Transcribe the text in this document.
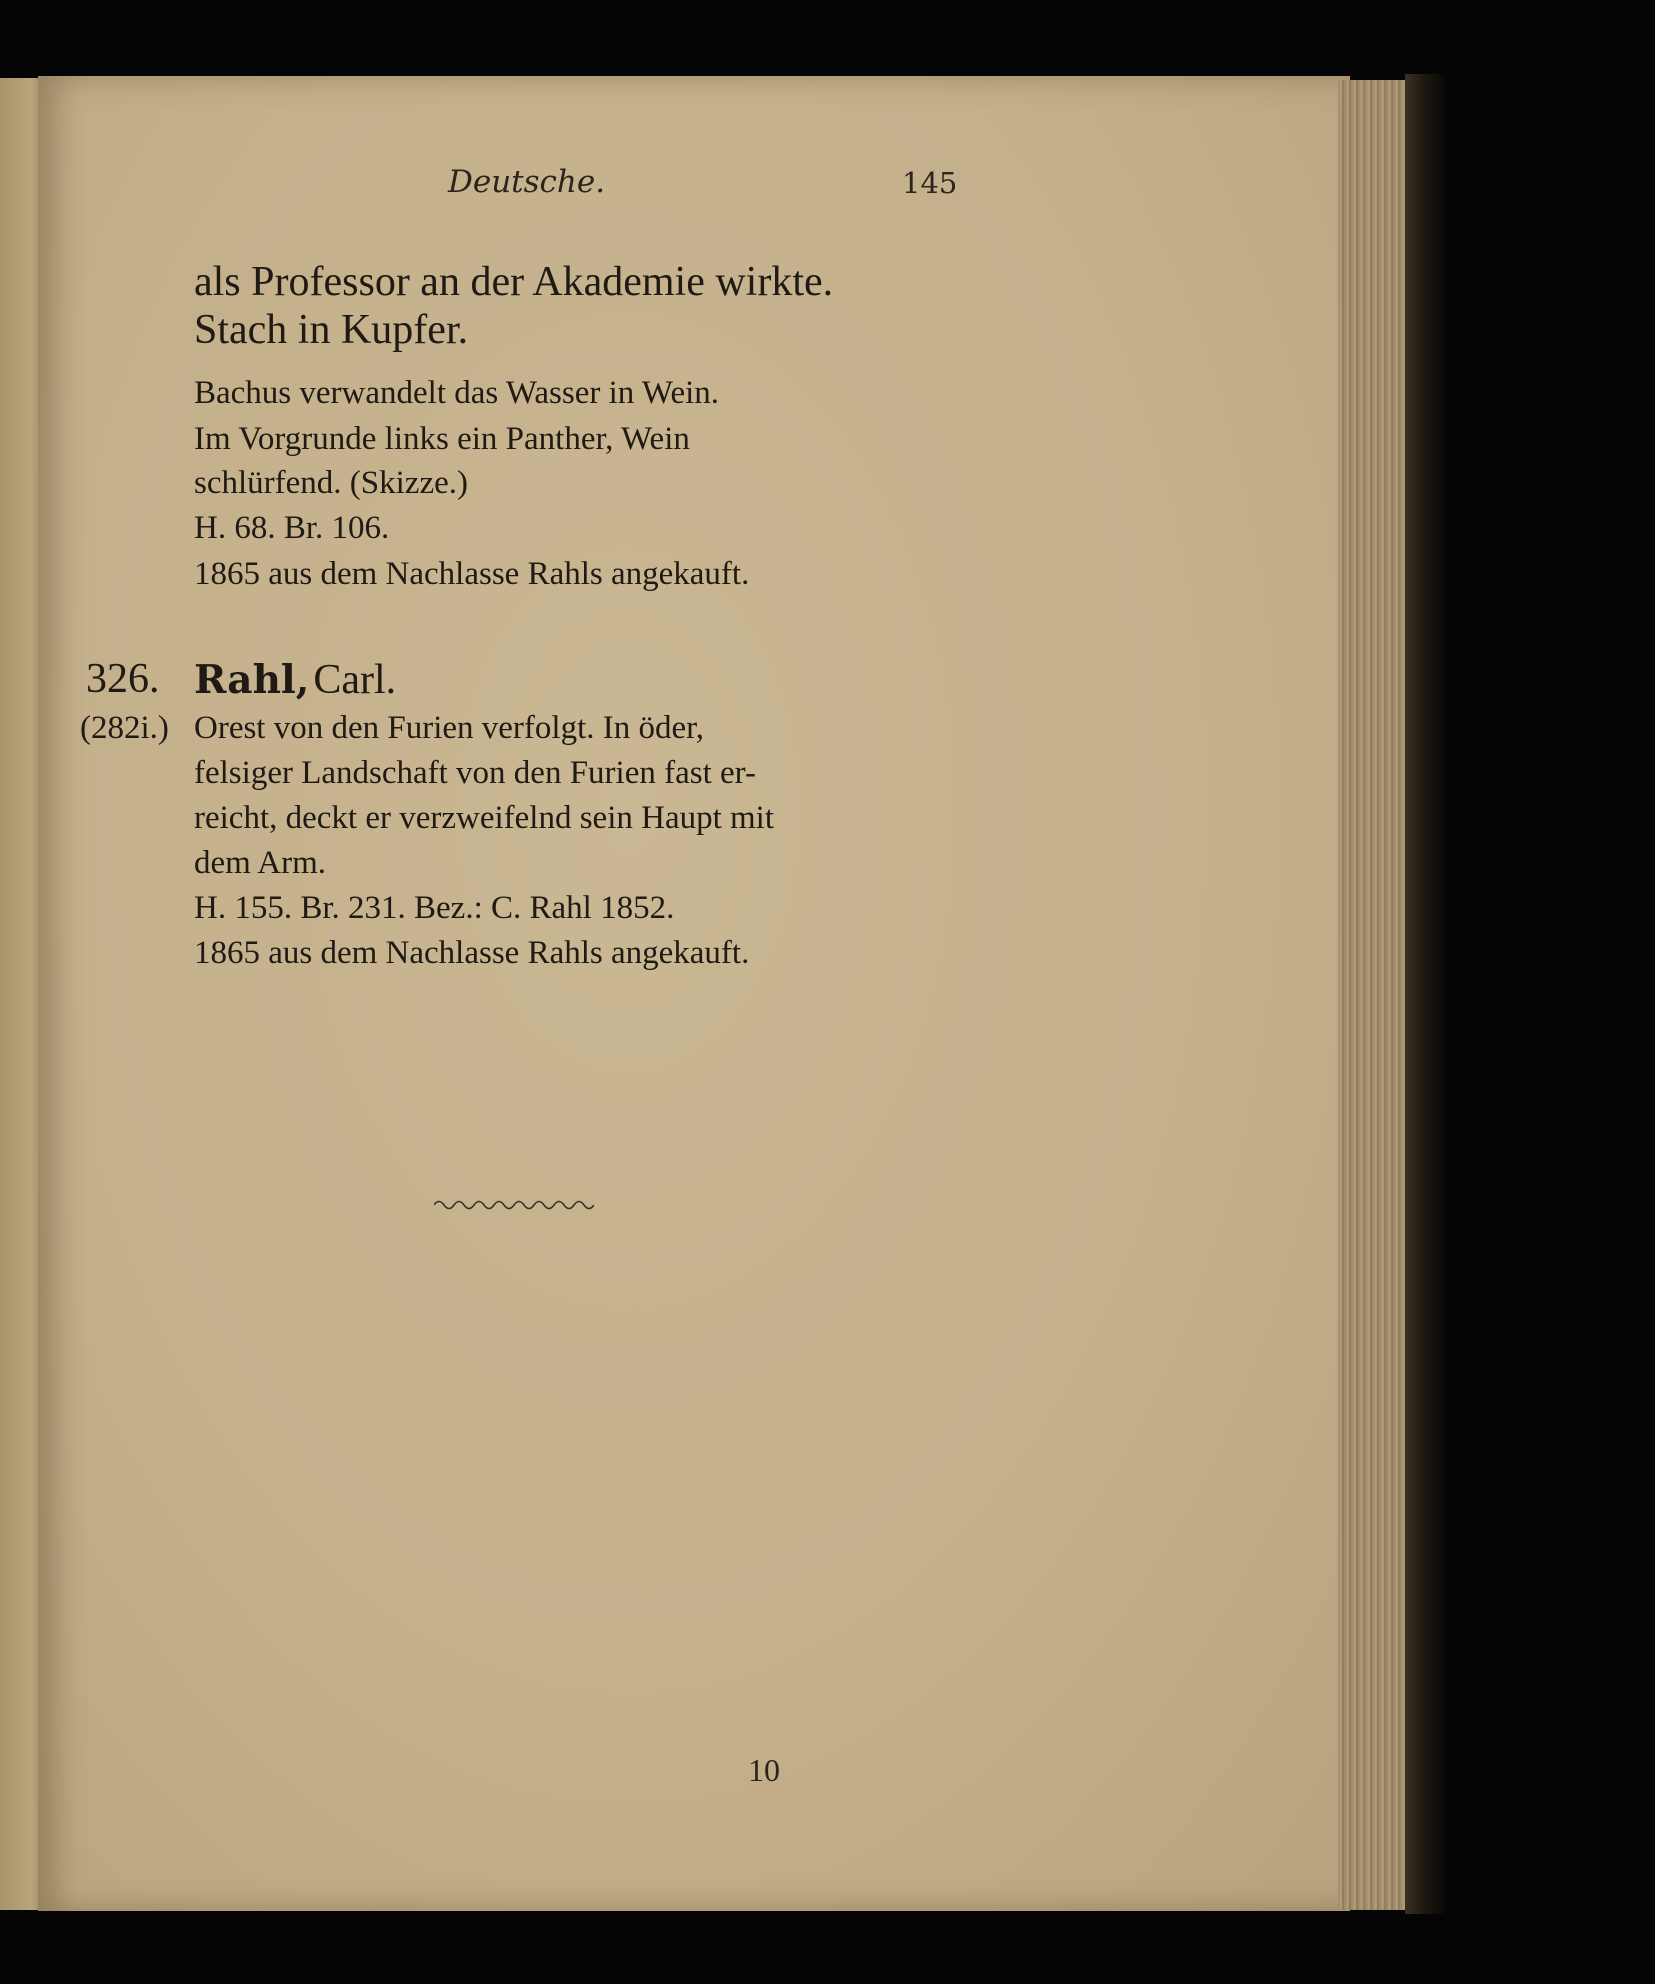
Deutsche.	145
als Professor an der Akademie wirkte.
Stach in Kupfer.
Bachus verwandelt das Wasser in Wein.
Im Vorgrunde links ein Panther, Wein
schlürfend. (Skizze.)
H. 68. Br. 106.
1865 aus dem Nachlasse Rahls angekauft.
326. Rahl, Carl.
(282i.) Orest von den Furien verfolgt. In öder,
felsiger Landschaft von den Furien fast er-
reicht, deckt er verzweifelnd sein Haupt mit
dem Arm.
H. 155. Br. 231. Bez.: C. Rahl 1852.
1865 aus dem Nachlasse Rahls angekauft.
10
